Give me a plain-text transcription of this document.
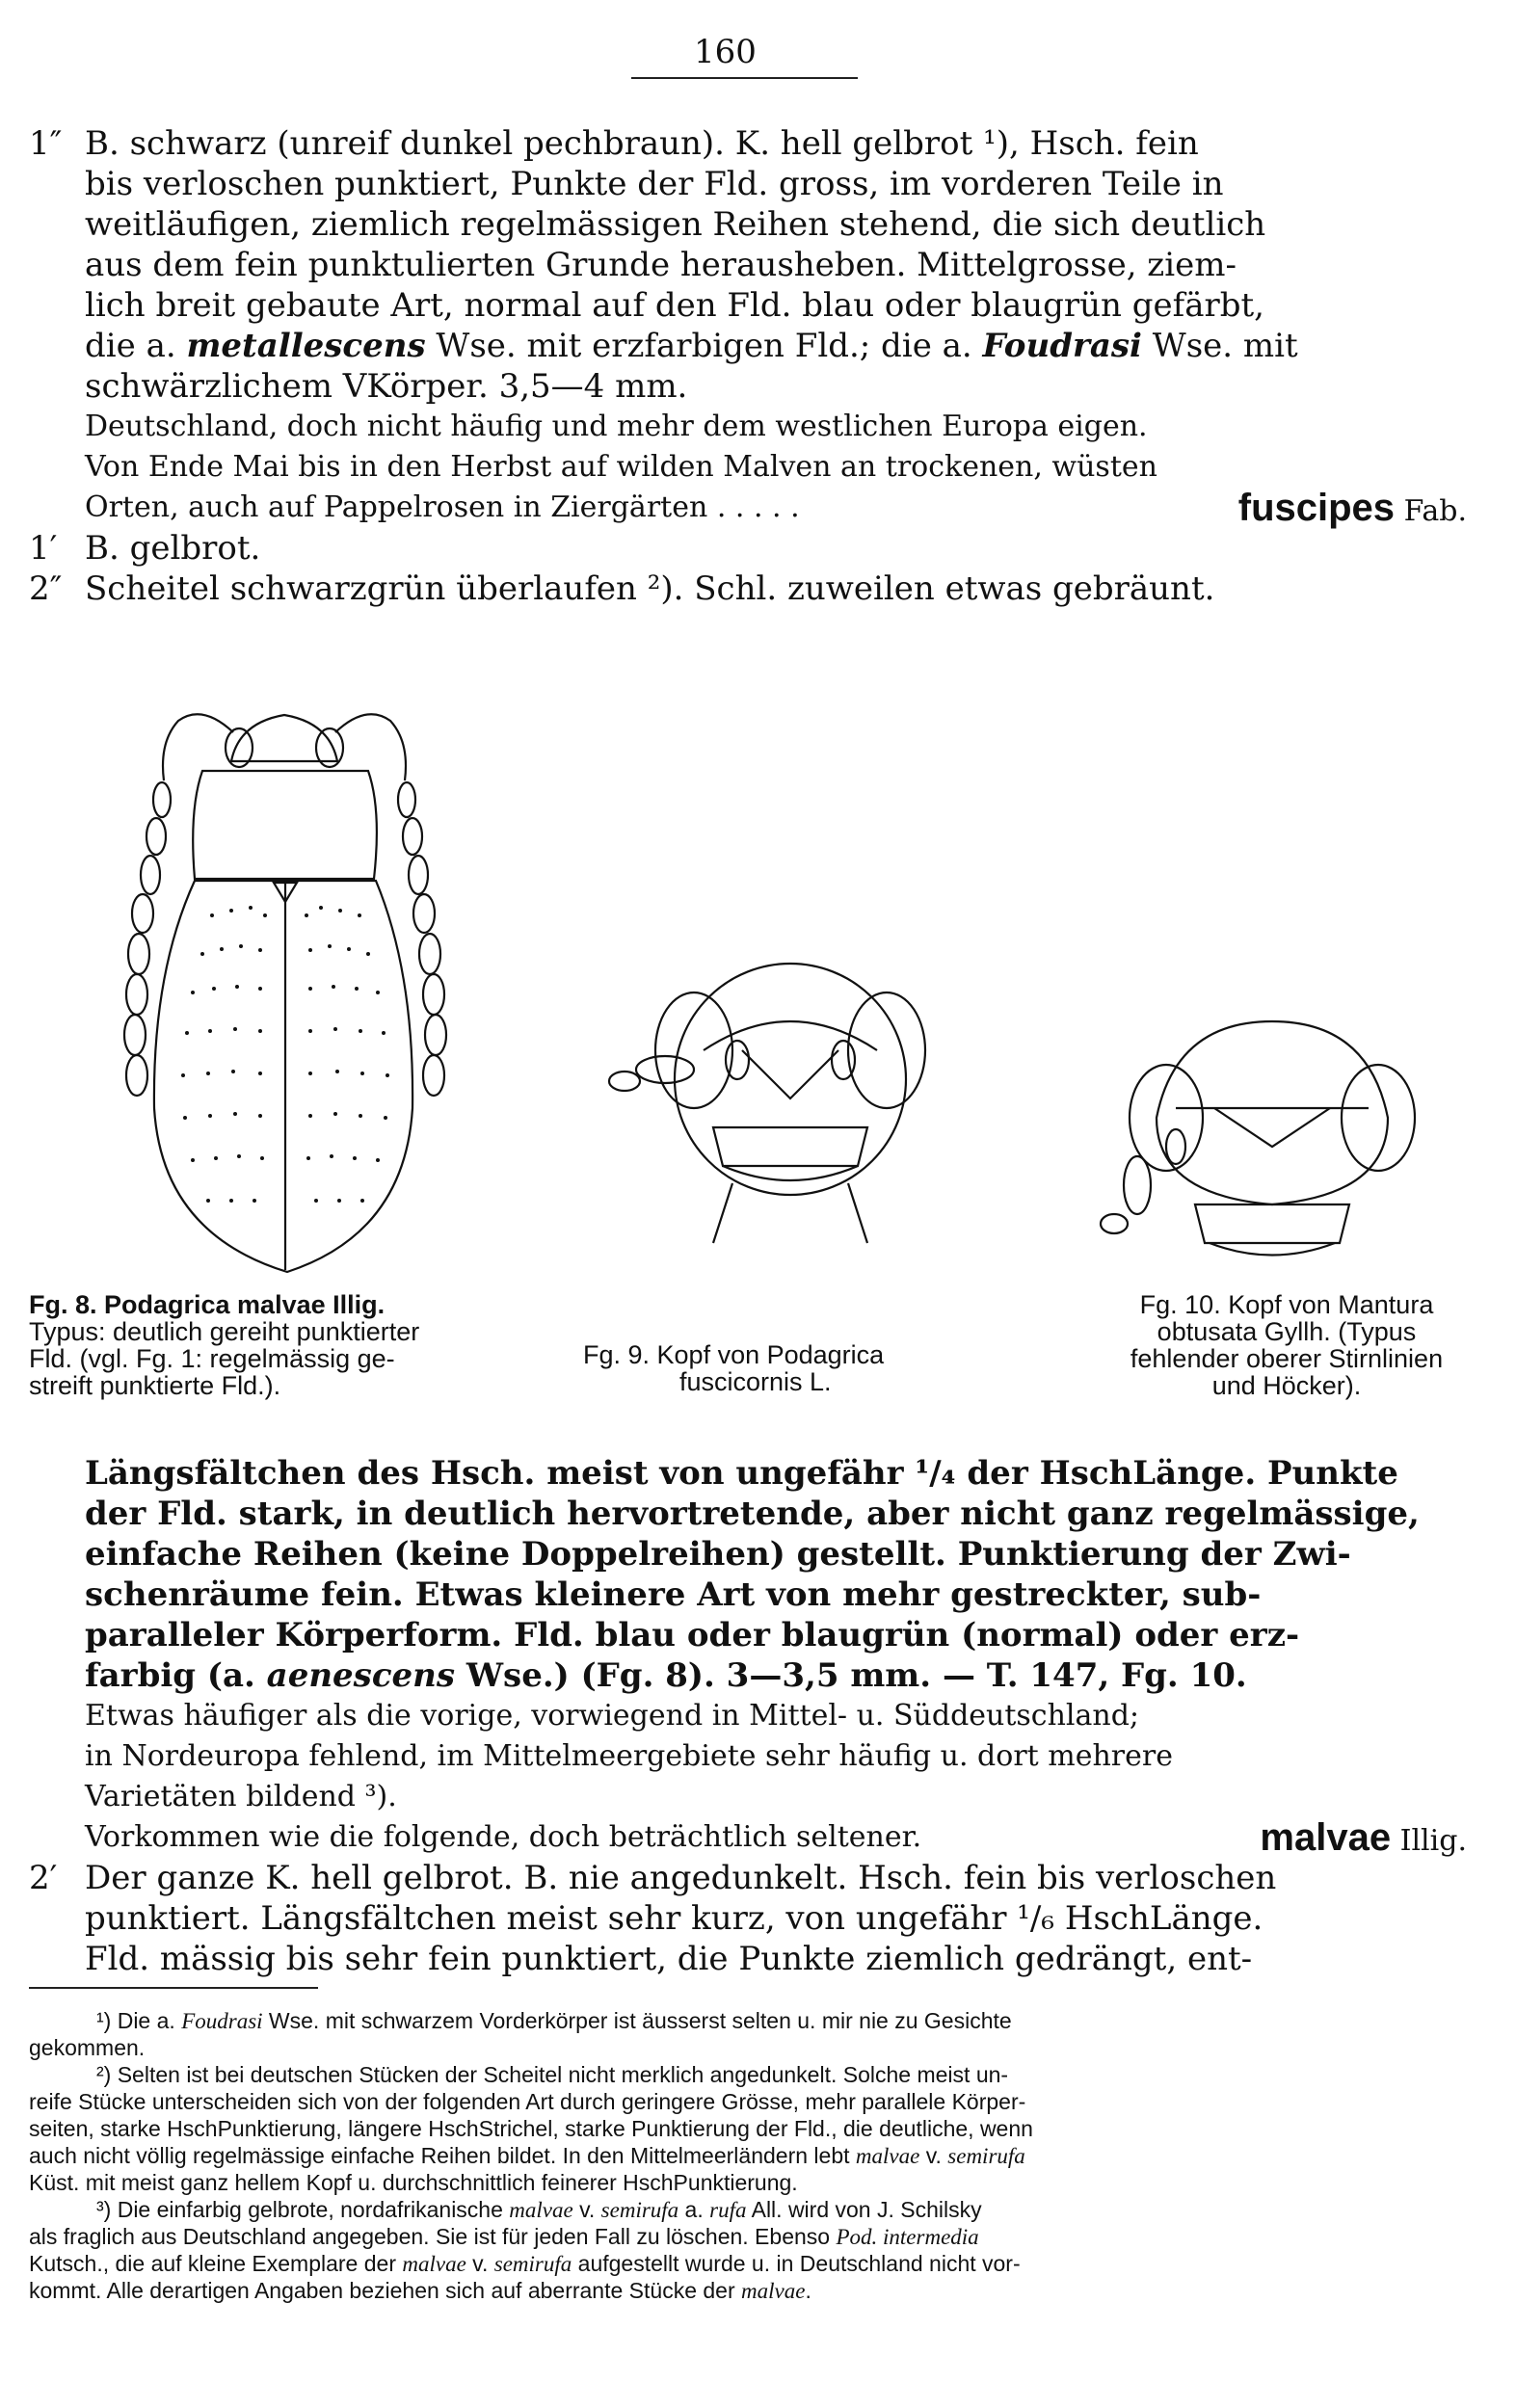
160
1″ B. schwarz (unreif dunkel pechbraun). K. hell gelbrot ¹), Hsch. fein
bis verloschen punktiert, Punkte der Fld. gross, im vorderen Teile in
weitläufigen, ziemlich regelmässigen Reihen stehend, die sich deutlich
aus dem fein punktulierten Grunde herausheben. Mittelgrosse, ziem-
lich breit gebaute Art, normal auf den Fld. blau oder blaugrün gefärbt,
die a. metallescens Wse. mit erzfarbigen Fld.; die a. Foudrasi Wse. mit
schwärzlichem VKörper. 3,5—4 mm.
Deutschland, doch nicht häufig und mehr dem westlichen Europa eigen.
Von Ende Mai bis in den Herbst auf wilden Malven an trockenen, wüsten
Orten, auch auf Pappelrosen in Ziergärten . . . . .	fuscipes Fab.
1′ B. gelbrot.
2″ Scheitel schwarzgrün überlaufen ²). Schl. zuweilen etwas gebräunt.
Fg. 8. Podagrica malvae Illig.
Typus: deutlich gereiht punktierter
Fld. (vgl. Fg. 1: regelmässig ge-
streift punktierte Fld.).
Fg. 9. Kopf von Podagrica
fuscicornis L.
Fg. 10. Kopf von Mantura
obtusata Gyllh. (Typus
fehlender oberer Stirnlinien
und Höcker).
Längsfältchen des Hsch. meist von ungefähr ¹/₄ der HschLänge. Punkte
der Fld. stark, in deutlich hervortretende, aber nicht ganz regelmässige,
einfache Reihen (keine Doppelreihen) gestellt. Punktierung der Zwi-
schenräume fein. Etwas kleinere Art von mehr gestreckter, sub-
paralleler Körperform. Fld. blau oder blaugrün (normal) oder erz-
farbig (a. aenescens Wse.) (Fg. 8). 3—3,5 mm. — T. 147, Fg. 10.
Etwas häufiger als die vorige, vorwiegend in Mittel- u. Süddeutschland;
in Nordeuropa fehlend, im Mittelmeergebiete sehr häufig u. dort mehrere
Varietäten bildend ³).
Vorkommen wie die folgende, doch beträchtlich seltener.	malvae Illig.
2′ Der ganze K. hell gelbrot. B. nie angedunkelt. Hsch. fein bis verloschen
punktiert. Längsfältchen meist sehr kurz, von ungefähr ¹/₆ HschLänge.
Fld. mässig bis sehr fein punktiert, die Punkte ziemlich gedrängt, ent-
¹) Die a. Foudrasi Wse. mit schwarzem Vorderkörper ist äusserst selten u. mir nie zu Gesichte
gekommen.
²) Selten ist bei deutschen Stücken der Scheitel nicht merklich angedunkelt. Solche meist un-
reife Stücke unterscheiden sich von der folgenden Art durch geringere Grösse, mehr parallele Körper-
seiten, starke HschPunktierung, längere HschStrichel, starke Punktierung der Fld., die deutliche, wenn
auch nicht völlig regelmässige einfache Reihen bildet. In den Mittelmeerländern lebt malvae v. semirufa
Küst. mit meist ganz hellem Kopf u. durchschnittlich feinerer HschPunktierung.
³) Die einfarbig gelbrote, nordafrikanische malvae v. semirufa a. rufa All. wird von J. Schilsky
als fraglich aus Deutschland angegeben. Sie ist für jeden Fall zu löschen. Ebenso Pod. intermedia
Kutsch., die auf kleine Exemplare der malvae v. semirufa aufgestellt wurde u. in Deutschland nicht vor-
kommt. Alle derartigen Angaben beziehen sich auf aberrante Stücke der malvae.
